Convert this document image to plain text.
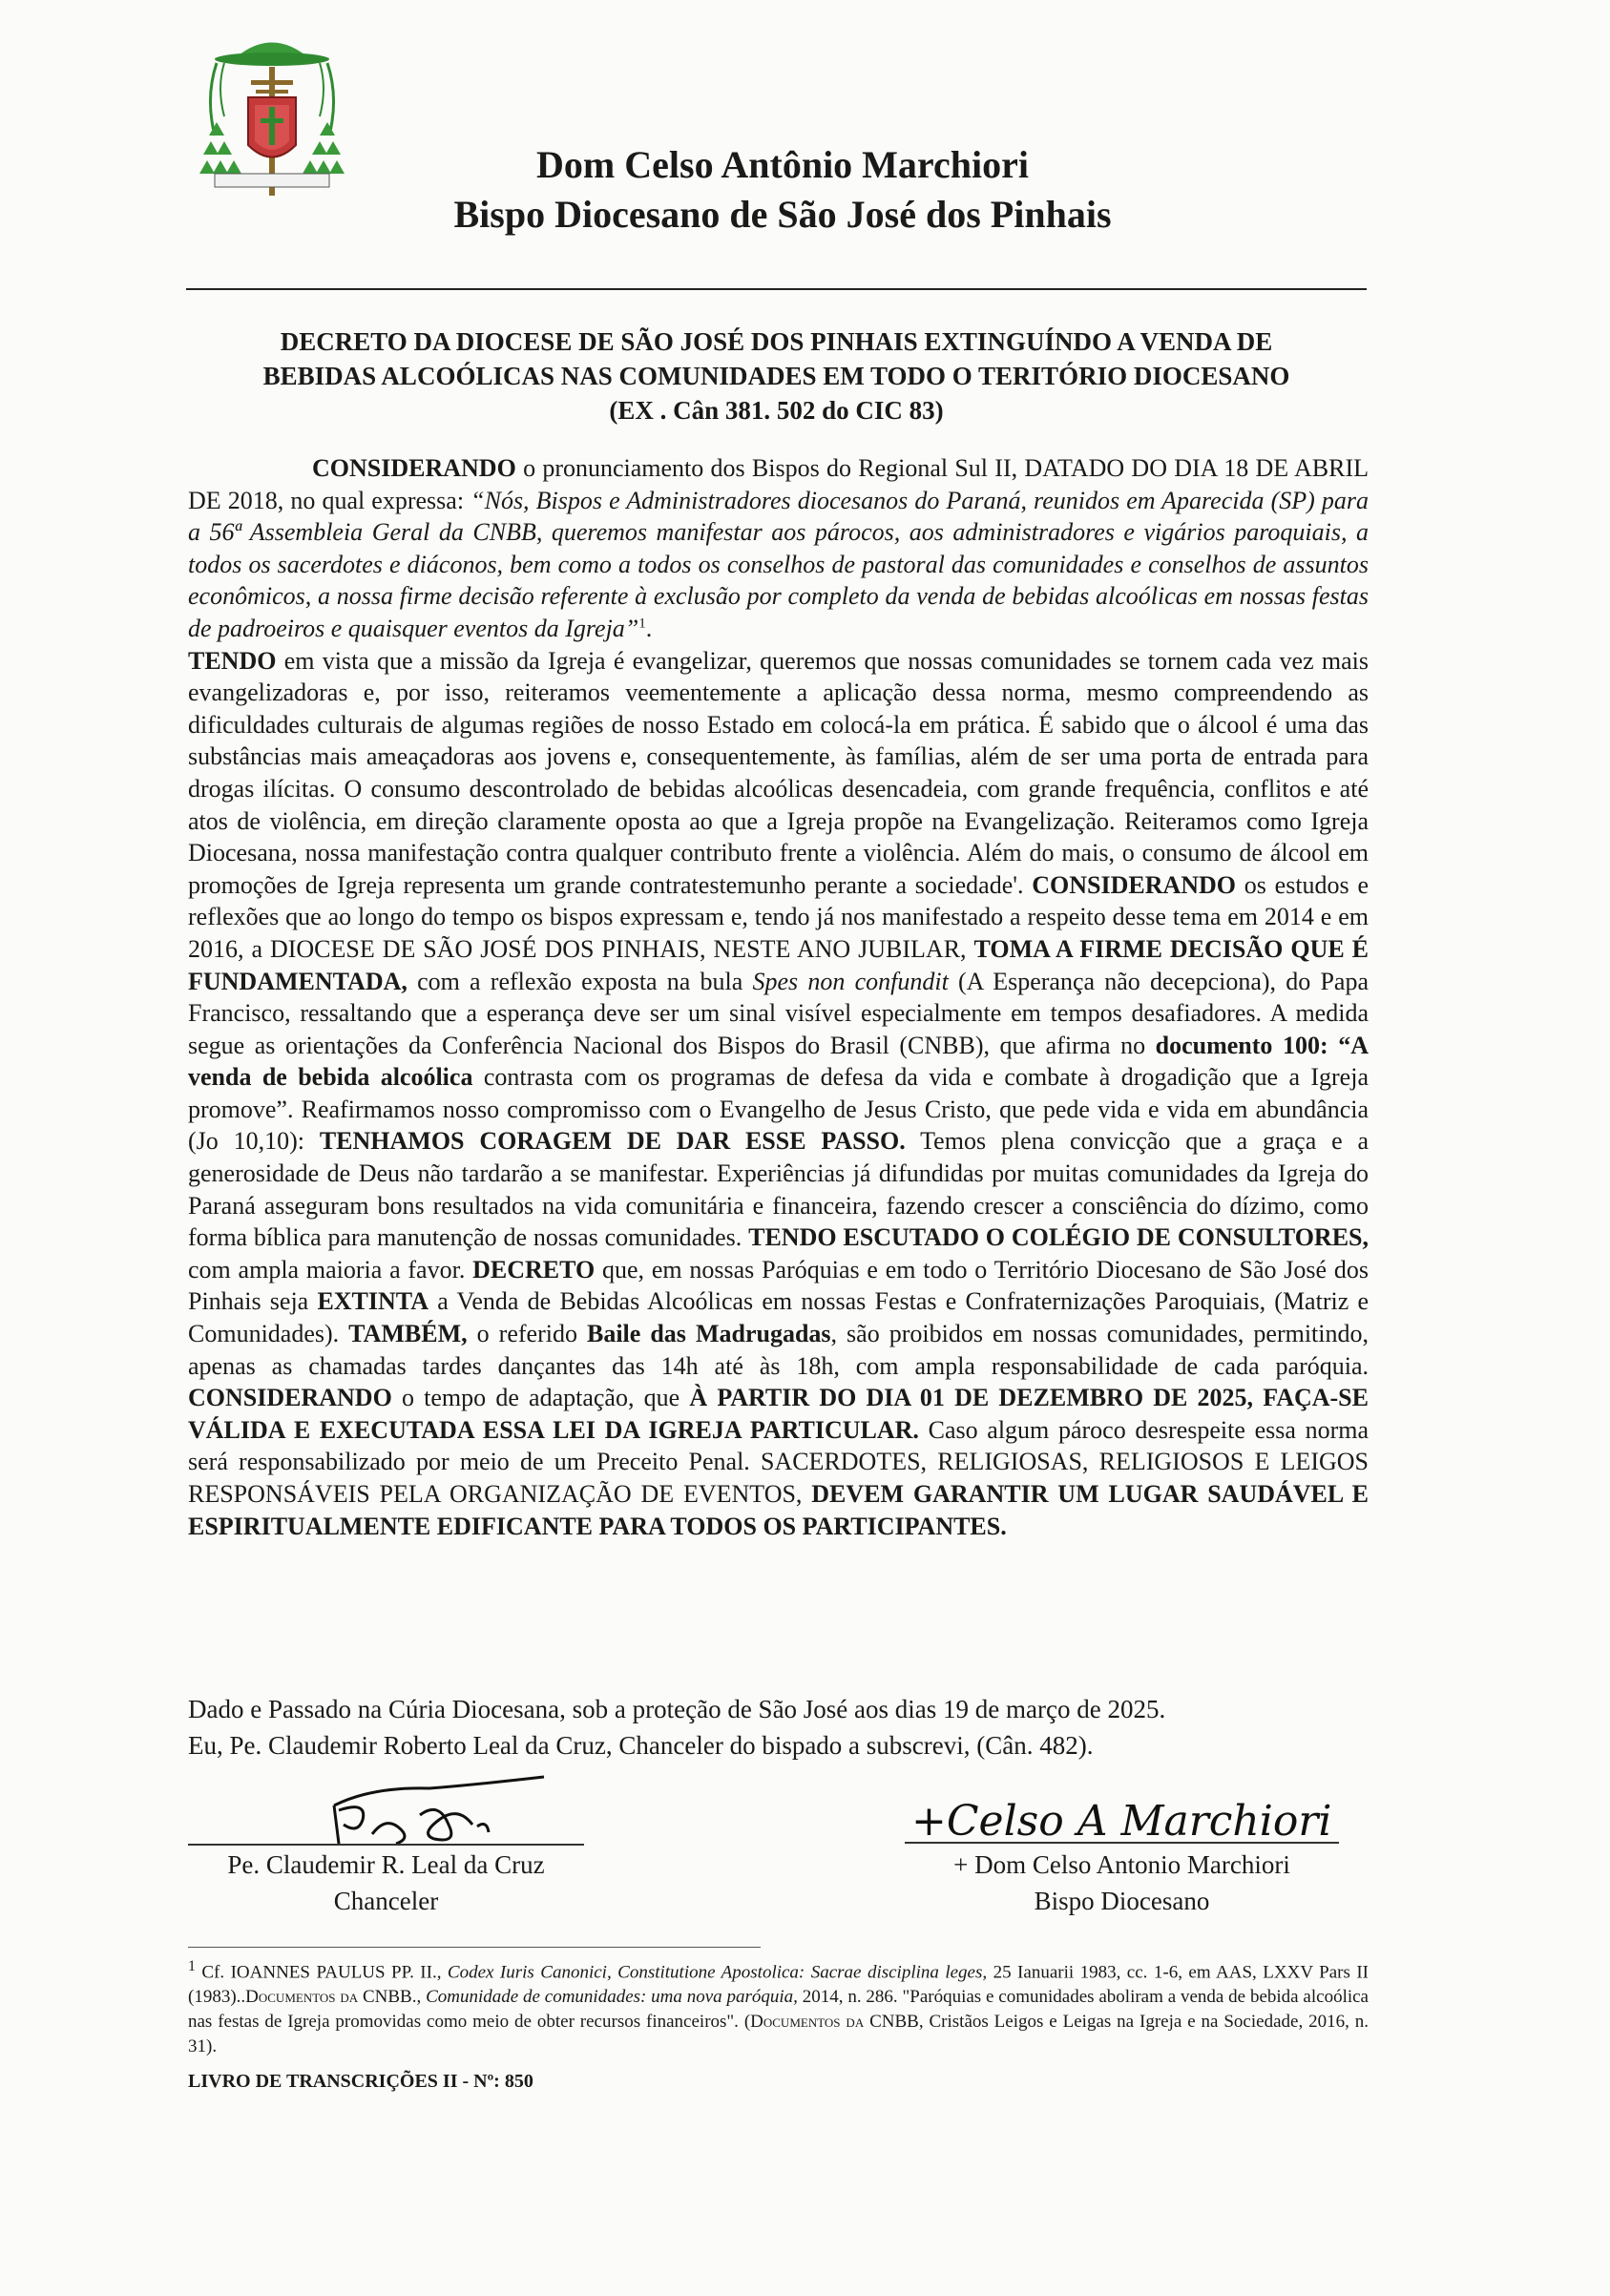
Dom Celso Antônio Marchiori
Bispo Diocesano de São José dos Pinhais
DECRETO DA DIOCESE DE SÃO JOSÉ DOS PINHAIS EXTINGUÍNDO A VENDA DE
BEBIDAS ALCOÓLICAS NAS COMUNIDADES EM TODO O TERITÓRIO DIOCESANO
(EX . Cân 381. 502 do CIC 83)

CONSIDERANDO o pronunciamento dos Bispos do Regional Sul II, DATADO DO DIA 18 DE ABRIL DE 2018, no qual expressa: “Nós, Bispos e Administradores diocesanos do Paraná, reunidos em Aparecida (SP) para a 56ª Assembleia Geral da CNBB, queremos manifestar aos párocos, aos administradores e vigários paroquiais, a todos os sacerdotes e diáconos, bem como a todos os conselhos de pastoral das comunidades e conselhos de assuntos econômicos, a nossa firme decisão referente à exclusão por completo da venda de bebidas alcoólicas em nossas festas de padroeiros e quaisquer eventos da Igreja”$^1$.

TENDO em vista que a missão da Igreja é evangelizar, queremos que nossas comunidades se tornem cada vez mais evangelizadoras e, por isso, reiteramos veementemente a aplicação dessa norma, mesmo compreendendo as dificuldades culturais de algumas regiões de nosso Estado em colocá-la em prática. É sabido que o álcool é uma das substâncias mais ameaçadoras aos jovens e, consequentemente, às famílias, além de ser uma porta de entrada para drogas ilícitas. O consumo descontrolado de bebidas alcoólicas desencadeia, com grande frequência, conflitos e até atos de violência, em direção claramente oposta ao que a Igreja propõe na Evangelização. Reiteramos como Igreja Diocesana, nossa manifestação contra qualquer contributo frente a violência. Além do mais, o consumo de álcool em promoções de Igreja representa um grande contratestemunho perante a sociedade'. CONSIDERANDO os estudos e reflexões que ao longo do tempo os bispos expressam e, tendo já nos manifestado a respeito desse tema em 2014 e em 2016, a DIOCESE DE SÃO JOSÉ DOS PINHAIS, NESTE ANO JUBILAR, TOMA A FIRME DECISÃO QUE É FUNDAMENTADA, com a reflexão exposta na bula Spes non confundit (A Esperança não decepciona), do Papa Francisco, ressaltando que a esperança deve ser um sinal visível especialmente em tempos desafiadores. A medida segue as orientações da Conferência Nacional dos Bispos do Brasil (CNBB), que afirma no documento 100: “A venda de bebida alcoólica contrasta com os programas de defesa da vida e combate à drogadição que a Igreja promove”. Reafirmamos nosso compromisso com o Evangelho de Jesus Cristo, que pede vida e vida em abundância (Jo 10,10): TENHAMOS CORAGEM DE DAR ESSE PASSO. Temos plena convicção que a graça e a generosidade de Deus não tardarão a se manifestar. Experiências já difundidas por muitas comunidades da Igreja do Paraná asseguram bons resultados na vida comunitária e financeira, fazendo crescer a consciência do dízimo, como forma bíblica para manutenção de nossas comunidades. TENDO ESCUTADO O COLÉGIO DE CONSULTORES, com ampla maioria a favor. DECRETO que, em nossas Paróquias e em todo o Território Diocesano de São José dos Pinhais seja EXTINTA a Venda de Bebidas Alcoólicas em nossas Festas e Confraternizações Paroquiais, (Matriz e Comunidades). TAMBÉM, o referido Baile das Madrugadas, são proibidos em nossas comunidades, permitindo, apenas as chamadas tardes dançantes das 14h até às 18h, com ampla responsabilidade de cada paróquia. CONSIDERANDO o tempo de adaptação, que À PARTIR DO DIA 01 DE DEZEMBRO DE 2025, FAÇA-SE VÁLIDA E EXECUTADA ESSA LEI DA IGREJA PARTICULAR. Caso algum pároco desrespeite essa norma será responsabilizado por meio de um Preceito Penal. SACERDOTES, RELIGIOSAS, RELIGIOSOS E LEIGOS RESPONSÁVEIS PELA ORGANIZAÇÃO DE EVENTOS, DEVEM GARANTIR UM LUGAR SAUDÁVEL E ESPIRITUALMENTE EDIFICANTE PARA TODOS OS PARTICIPANTES.

Dado e Passado na Cúria Diocesana, sob a proteção de São José aos dias 19 de março de 2025.
Eu, Pe. Claudemir Roberto Leal da Cruz, Chanceler do bispado a subscrevi, (Cân. 482).
+Celso A Marchiori
Pe. Claudemir R. Leal da Cruz
Chanceler
+ Dom Celso Antonio Marchiori
Bispo Diocesano

$^1$ Cf. IOANNES PAULUS PP. II., Codex Iuris Canonici, Constitutione Apostolica: Sacrae disciplina leges, 25 Ianuarii 1983, cc. 1-6, em AAS, LXXV Pars II (1983)..Documentos da CNBB., Comunidade de comunidades: uma nova paróquia, 2014, n. 286. "Paróquias e comunidades aboliram a venda de bebida alcoólica nas festas de Igreja promovidas como meio de obter recursos financeiros". (Documentos da CNBB, Cristãos Leigos e Leigas na Igreja e na Sociedade, 2016, n. 31).

LIVRO DE TRANSCRIÇÕES II - Nº: 850
